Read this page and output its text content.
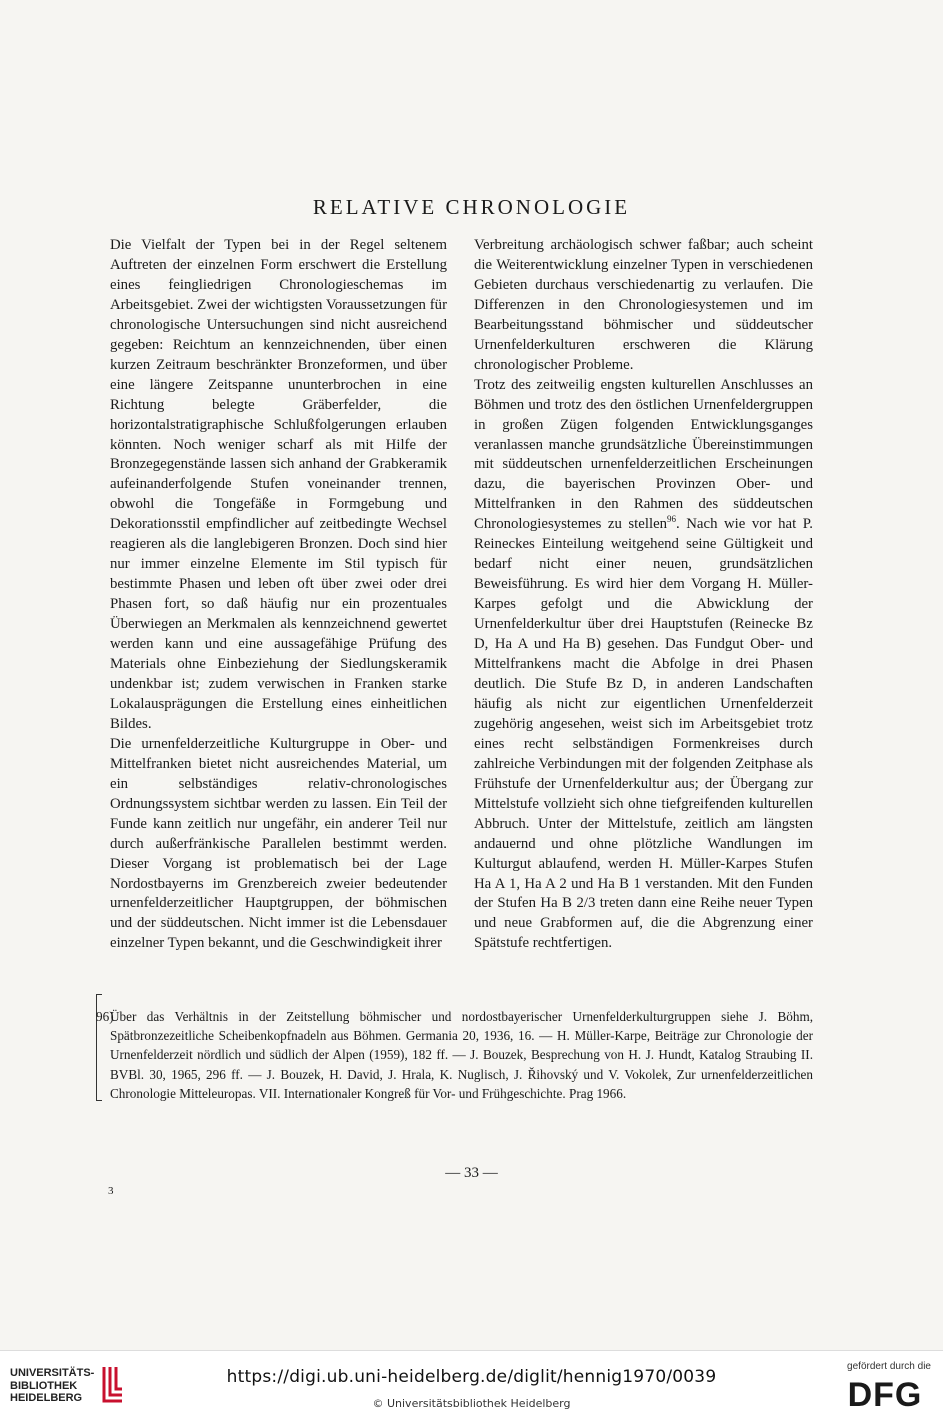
RELATIVE CHRONOLOGIE

Die Vielfalt der Typen bei in der Regel seltenem Auftreten der einzelnen Form erschwert die Erstellung eines feingliedrigen Chronologieschemas im Arbeitsgebiet. Zwei der wichtigsten Voraussetzungen für chronologische Untersuchungen sind nicht ausreichend gegeben: Reichtum an kennzeichnenden, über einen kurzen Zeitraum beschränkter Bronzeformen, und über eine längere Zeitspanne ununterbrochen in eine Richtung belegte Gräberfelder, die horizontalstratigraphische Schlußfolgerungen erlauben könnten. Noch weniger scharf als mit Hilfe der Bronzegegenstände lassen sich anhand der Grabkeramik aufeinanderfolgende Stufen voneinander trennen, obwohl die Tongefäße in Formgebung und Dekorationsstil empfindlicher auf zeitbedingte Wechsel reagieren als die langlebigeren Bronzen. Doch sind hier nur immer einzelne Elemente im Stil typisch für bestimmte Phasen und leben oft über zwei oder drei Phasen fort, so daß häufig nur ein prozentuales Überwiegen an Merkmalen als kennzeichnend gewertet werden kann und eine aussagefähige Prüfung des Materials ohne Einbeziehung der Siedlungskeramik undenkbar ist; zudem verwischen in Franken starke Lokalausprägungen die Erstellung eines einheitlichen Bildes.

Die urnenfelderzeitliche Kulturgruppe in Ober- und Mittelfranken bietet nicht ausreichendes Material, um ein selbständiges relativ-chronologisches Ordnungssystem sichtbar werden zu lassen. Ein Teil der Funde kann zeitlich nur ungefähr, ein anderer Teil nur durch außerfränkische Parallelen bestimmt werden. Dieser Vorgang ist problematisch bei der Lage Nordostbayerns im Grenzbereich zweier bedeutender urnenfelderzeitlicher Hauptgruppen, der böhmischen und der süddeutschen. Nicht immer ist die Lebensdauer einzelner Typen bekannt, und die Geschwindigkeit ihrer

Verbreitung archäologisch schwer faßbar; auch scheint die Weiterentwicklung einzelner Typen in verschiedenen Gebieten durchaus verschiedenartig zu verlaufen. Die Differenzen in den Chronologiesystemen und im Bearbeitungsstand böhmischer und süddeutscher Urnenfelderkulturen erschweren die Klärung chronologischer Probleme.

Trotz des zeitweilig engsten kulturellen Anschlusses an Böhmen und trotz des den östlichen Urnenfeldergruppen in großen Zügen folgenden Entwicklungsganges veranlassen manche grundsätzliche Übereinstimmungen mit süddeutschen urnenfelderzeitlichen Erscheinungen dazu, die bayerischen Provinzen Ober- und Mittelfranken in den Rahmen des süddeutschen Chronologiesystemes zu stellen$^{96}$. Nach wie vor hat P. Reineckes Einteilung weitgehend seine Gültigkeit und bedarf nicht einer neuen, grundsätzlichen Beweisführung. Es wird hier dem Vorgang H. Müller-Karpes gefolgt und die Abwicklung der Urnenfelderkultur über drei Hauptstufen (Reinecke Bz D, Ha A und Ha B) gesehen. Das Fundgut Ober- und Mittelfrankens macht die Abfolge in drei Phasen deutlich. Die Stufe Bz D, in anderen Landschaften häufig als nicht zur eigentlichen Urnenfelderzeit zugehörig angesehen, weist sich im Arbeitsgebiet trotz eines recht selbständigen Formenkreises durch zahlreiche Verbindungen mit der folgenden Zeitphase als Frühstufe der Urnenfelderkultur aus; der Übergang zur Mittelstufe vollzieht sich ohne tiefgreifenden kulturellen Abbruch. Unter der Mittelstufe, zeitlich am längsten andauernd und ohne plötzliche Wandlungen im Kulturgut ablaufend, werden H. Müller-Karpes Stufen Ha A 1, Ha A 2 und Ha B 1 verstanden. Mit den Funden der Stufen Ha B 2/3 treten dann eine Reihe neuer Typen und neue Grabformen auf, die die Abgrenzung einer Spätstufe rechtfertigen.

96)
Über das Verhältnis in der Zeitstellung böhmischer und nordostbayerischer Urnenfelderkulturgruppen siehe J. Böhm, Spätbronzezeitliche Scheibenkopfnadeln aus Böhmen. Germania 20, 1936, 16. — H. Müller-Karpe, Beiträge zur Chronologie der Urnenfelderzeit nördlich und südlich der Alpen (1959), 182 ff. — J. Bouzek, Besprechung von H. J. Hundt, Katalog Straubing II. BVBl. 30, 1965, 296 ff. — J. Bouzek, H. David, J. Hrala, K. Nuglisch, J. Řihovský und V. Vokolek, Zur urnenfelderzeitlichen Chronologie Mitteleuropas. VII. Internationaler Kongreß für Vor- und Frühgeschichte. Prag 1966.
— 33 —
3
UNIVERSITÄTS-
BIBLIOTHEK
HEIDELBERG
https://digi.ub.uni-heidelberg.de/diglit/hennig1970/0039
© Universitätsbibliothek Heidelberg
gefördert durch die
DFG
